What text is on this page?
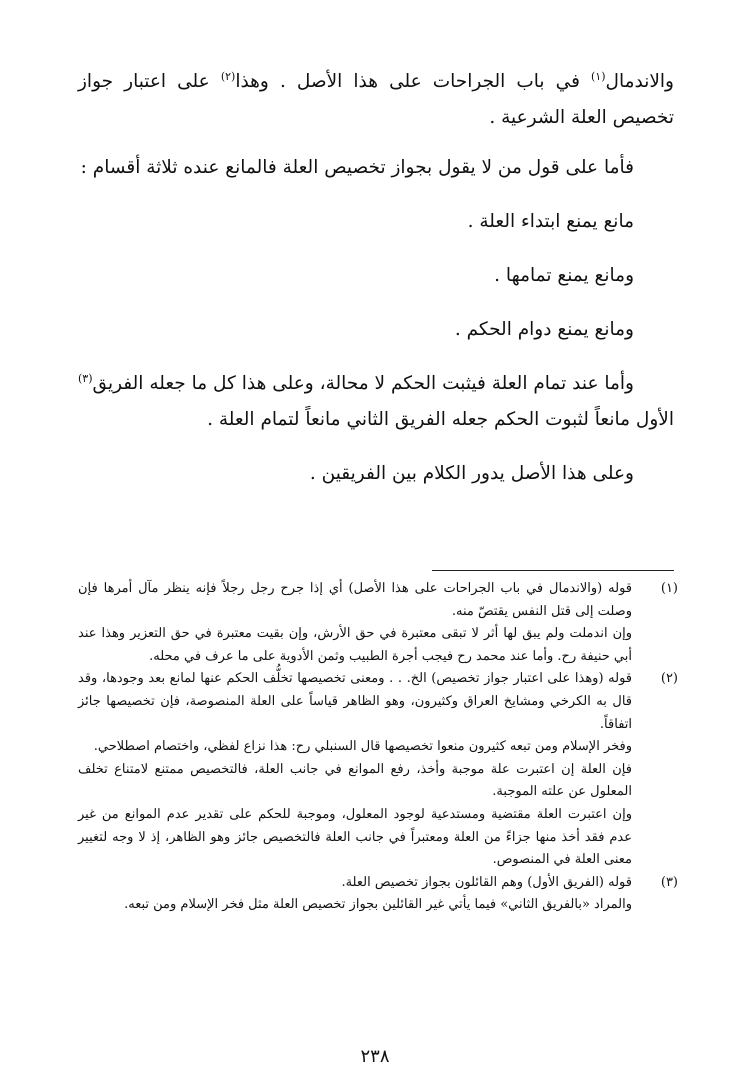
والاندمال$^{(١)}$ في باب الجراحات على هذا الأصل . وهذا$^{(٢)}$ على اعتبار جواز تخصيص العلة الشرعية .

فأما على قول من لا يقول بجواز تخصيص العلة فالمانع عنده ثلاثة أقسام :

مانع يمنع ابتداء العلة .

ومانع يمنع تمامها .

ومانع يمنع دوام الحكم .

وأما عند تمام العلة فيثبت الحكم لا محالة، وعلى هذا كل ما جعله الفريق$^{(٣)}$ الأول مانعاً لثبوت الحكم جعله الفريق الثاني مانعاً لتمام العلة .

وعلى هذا الأصل يدور الكلام بين الفريقين .

(١)

قوله (والاندمال في باب الجراحات على هذا الأصل) أي إذا جرح رجل رجلاً فإنه ينظر مآل أمرها فإن وصلت إلى قتل النفس يقتصّ منه.

وإن اندملت ولم يبق لها أثر لا تبقى معتبرة في حق الأرش، وإن بقيت معتبرة في حق التعزير وهذا عند أبي حنيفة رح. وأما عند محمد رح فيجب أجرة الطبيب وثمن الأدوية على ما عرف في محله.

(٢)

قوله (وهذا على اعتبار جواز تخصيص) الخ. . . ومعنى تخصيصها تخلُّف الحكم عنها لمانع بعد وجودها، وقد قال به الكرخي ومشايخ العراق وكثيرون، وهو الظاهر قياساً على العلة المنصوصة، فإن تخصيصها جائز اتفاقاً.

وفخر الإسلام ومن تبعه كثيرون منعوا تخصيصها قال السنبلي رح: هذا نزاع لفظي، واختصام اصطلاحي.

فإن العلة إن اعتبرت علة موجبة وأخذ، رفع الموانع في جانب العلة، فالتخصيص ممتنع لامتناع تخلف المعلول عن علته الموجبة.

وإن اعتبرت العلة مقتضية ومستدعية لوجود المعلول، وموجبة للحكم على تقدير عدم الموانع من غير عدم فقد أخذ منها جزاءً من العلة ومعتبراً في جانب العلة فالتخصيص جائز وهو الظاهر، إذ لا وجه لتغيير معنى العلة في المنصوص.

(٣)

قوله (الفريق الأول) وهم القائلون بجواز تخصيص العلة.

والمراد «بالفريق الثاني» فيما يأتي غير القائلين بجواز تخصيص العلة مثل فخر الإسلام ومن تبعه.

٢٣٨
